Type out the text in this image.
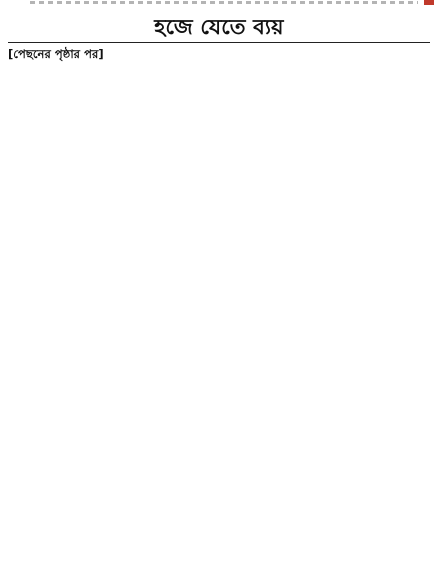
হজে যেতে ব্যয়

[পেছনের পৃষ্ঠার পর]
